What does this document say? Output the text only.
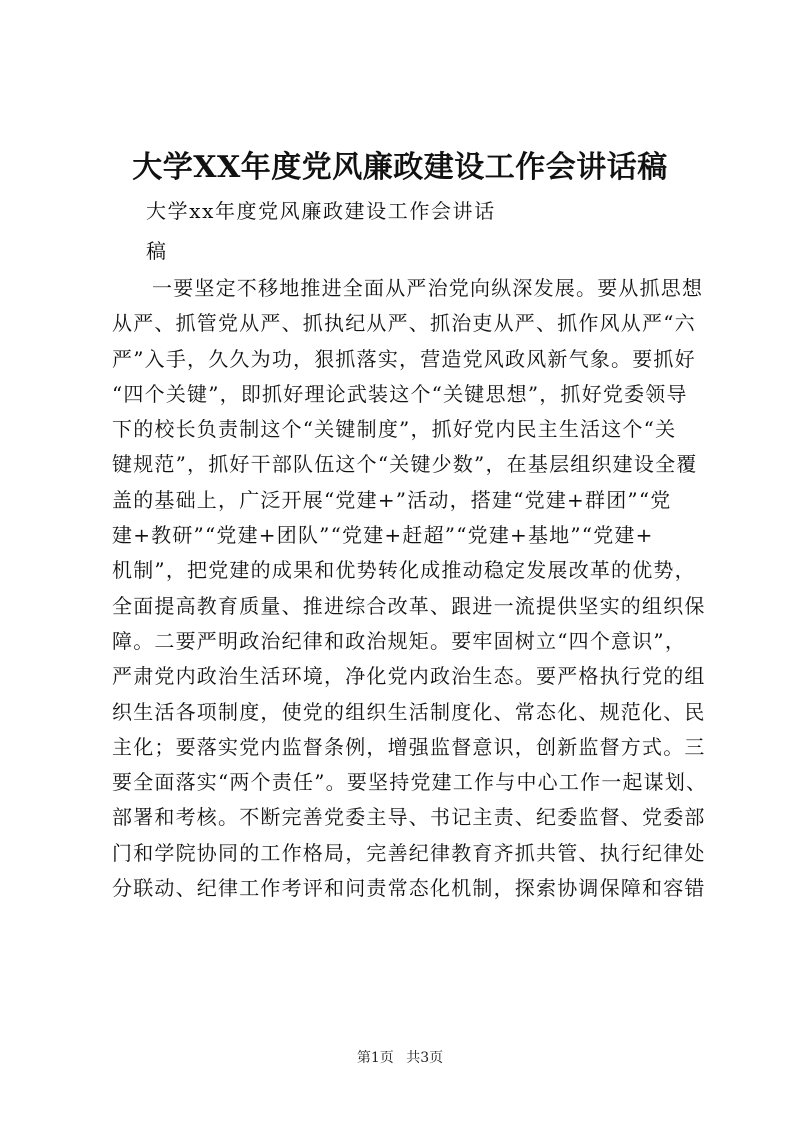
大学XX年度党风廉政建设工作会讲话稿
大学xx年度党风廉政建设工作会讲话
稿
一要坚定不移地推进全面从严治党向纵深发展。要从抓思想
从严、抓管党从严、抓执纪从严、抓治吏从严、抓作风从严“六
严”入手，久久为功，狠抓落实，营造党风政风新气象。要抓好
“四个关键”，即抓好理论武装这个“关键思想”，抓好党委领导
下的校长负责制这个“关键制度”，抓好党内民主生活这个“关
键规范”，抓好干部队伍这个“关键少数”，在基层组织建设全覆
盖的基础上，广泛开展“党建+”活动，搭建“党建+群团”“党
建+教研”“党建+团队”“党建+赶超”“党建+基地”“党建+
机制”，把党建的成果和优势转化成推动稳定发展改革的优势，
全面提高教育质量、推进综合改革、跟进一流提供坚实的组织保
障。二要严明政治纪律和政治规矩。要牢固树立“四个意识”，
严肃党内政治生活环境，净化党内政治生态。要严格执行党的组
织生活各项制度，使党的组织生活制度化、常态化、规范化、民
主化；要落实党内监督条例，增强监督意识，创新监督方式。三
要全面落实“两个责任”。要坚持党建工作与中心工作一起谋划、
部署和考核。不断完善党委主导、书记主责、纪委监督、党委部
门和学院协同的工作格局，完善纪律教育齐抓共管、执行纪律处
分联动、纪律工作考评和问责常态化机制，探索协调保障和容错
第1页 共3页
